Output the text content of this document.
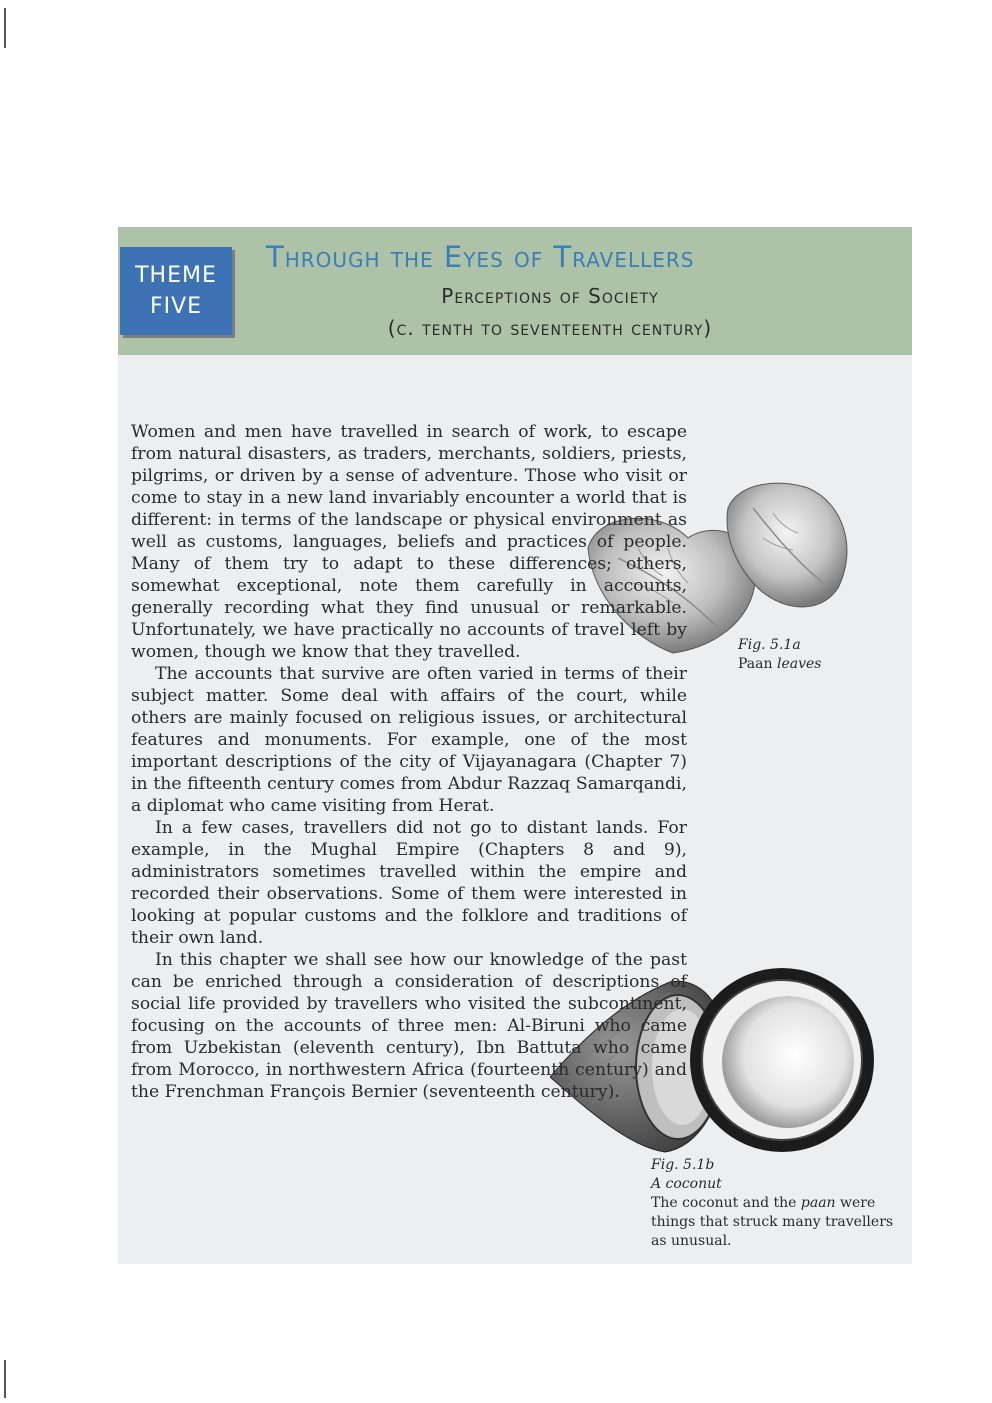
THEME
FIVE
Through the Eyes of Travellers
Perceptions of Society
(c. tenth to seventeenth century)
Fig. 5.1a
Paan leaves
Fig. 5.1b
A coconut
The coconut and the paan were things that struck many travellers as unusual.

Women and men have travelled in search of work, to escape from natural disasters, as traders, merchants, soldiers, priests, pilgrims, or driven by a sense of adventure. Those who visit or come to stay in a new land invariably encounter a world that is different: in terms of the landscape or physical environment as well as customs, languages, beliefs and practices of people. Many of them try to adapt to these differences; others, somewhat exceptional, note them carefully in accounts, generally recording what they find unusual or remarkable. Unfortunately, we have practically no accounts of travel left by women, though we know that they travelled.

The accounts that survive are often varied in terms of their subject matter. Some deal with affairs of the court, while others are mainly focused on religious issues, or architectural features and monuments. For example, one of the most important descriptions of the city of Vijayanagara (Chapter 7) in the fifteenth century comes from Abdur Razzaq Samarqandi, a diplomat who came visiting from Herat.

In a few cases, travellers did not go to distant lands. For example, in the Mughal Empire (Chapters 8 and 9), administrators sometimes travelled within the empire and recorded their observations. Some of them were interested in looking at popular customs and the folklore and traditions of their own land.

In this chapter we shall see how our knowledge of the past can be enriched through a consideration of descriptions of social life provided by travellers who visited the subcontinent, focusing on the accounts of three men: Al-Biruni who came from Uzbekistan (eleventh century), Ibn Battuta who came from Morocco, in northwestern Africa (fourteenth century) and the Frenchman François Bernier (seventeenth century).
